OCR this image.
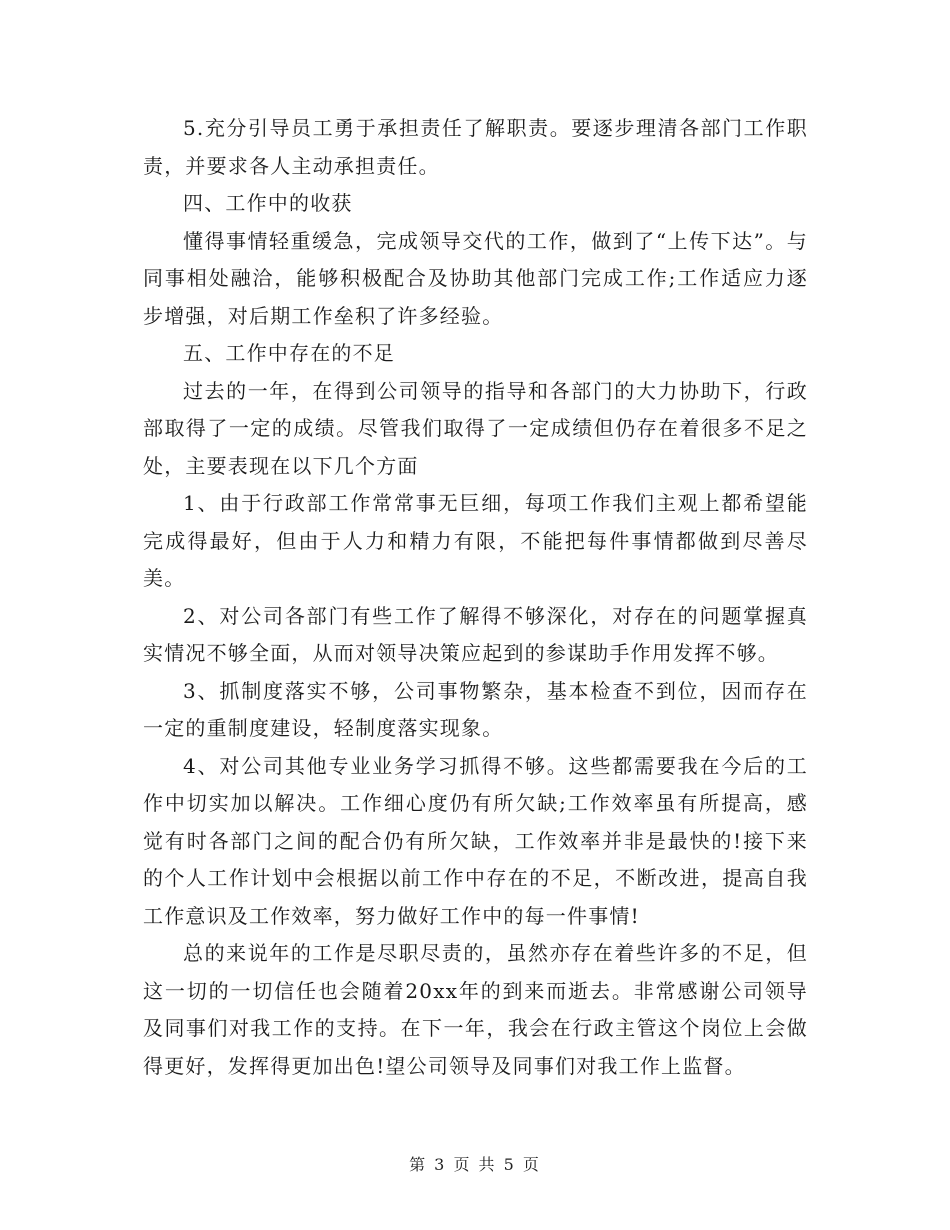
5.充分引导员工勇于承担责任了解职责。要逐步理清各部门工作职责，并要求各人主动承担责任。

四、工作中的收获

懂得事情轻重缓急，完成领导交代的工作，做到了“上传下达”。与同事相处融洽，能够积极配合及协助其他部门完成工作;工作适应力逐步增强，对后期工作垒积了许多经验。

五、工作中存在的不足

过去的一年，在得到公司领导的指导和各部门的大力协助下，行政部取得了一定的成绩。尽管我们取得了一定成绩但仍存在着很多不足之处，主要表现在以下几个方面

1、由于行政部工作常常事无巨细，每项工作我们主观上都希望能完成得最好，但由于人力和精力有限，不能把每件事情都做到尽善尽美。

2、对公司各部门有些工作了解得不够深化，对存在的问题掌握真实情况不够全面，从而对领导决策应起到的参谋助手作用发挥不够。

3、抓制度落实不够，公司事物繁杂，基本检查不到位，因而存在一定的重制度建设，轻制度落实现象。

4、对公司其他专业业务学习抓得不够。这些都需要我在今后的工作中切实加以解决。工作细心度仍有所欠缺;工作效率虽有所提高，感觉有时各部门之间的配合仍有所欠缺，工作效率并非是最快的!接下来的个人工作计划中会根据以前工作中存在的不足，不断改进，提高自我工作意识及工作效率，努力做好工作中的每一件事情!

总的来说年的工作是尽职尽责的，虽然亦存在着些许多的不足，但这一切的一切信任也会随着20xx年的到来而逝去。非常感谢公司领导及同事们对我工作的支持。在下一年，我会在行政主管这个岗位上会做得更好，发挥得更加出色!望公司领导及同事们对我工作上监督。

第 3 页 共 5 页
